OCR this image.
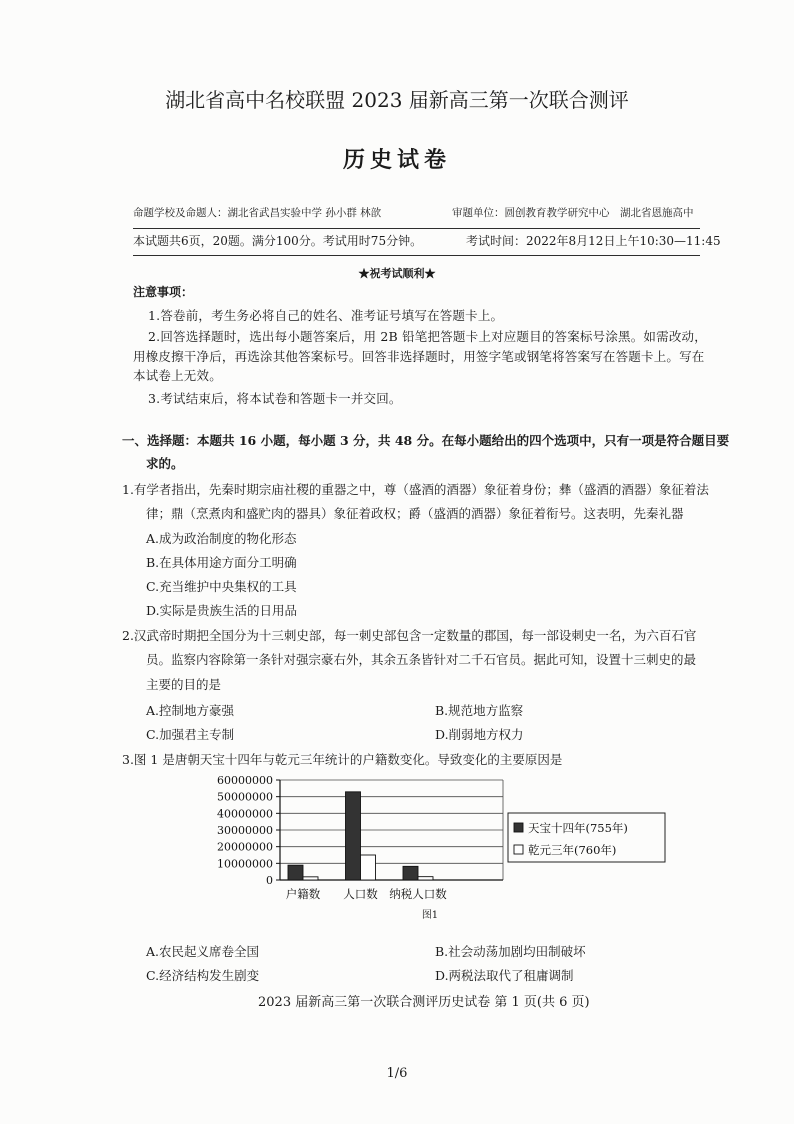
湖北省高中名校联盟 2023 届新高三第一次联合测评
历史试卷
命题学校及命题人：湖北省武昌实验中学 孙小群 林歆	审题单位：圆创教育教学研究中心 湖北省恩施高中
本试题共6页，20题。满分100分。考试用时75分钟。	考试时间：2022年8月12日上午10:30—11:45
★祝考试顺利★
注意事项：
1.答卷前，考生务必将自己的姓名、准考证号填写在答题卡上。
2.回答选择题时，选出每小题答案后，用 2B 铅笔把答题卡上对应题目的答案标号涂黑。如需改动，
用橡皮擦干净后，再选涂其他答案标号。回答非选择题时，用签字笔或钢笔将答案写在答题卡上。写在
本试卷上无效。
3.考试结束后，将本试卷和答题卡一并交回。
一、选择题：本题共 16 小题，每小题 3 分，共 48 分。在每小题给出的四个选项中，只有一项是符合题目要
求的。
1.有学者指出，先秦时期宗庙社稷的重器之中，尊（盛酒的酒器）象征着身份；彝（盛酒的酒器）象征着法
律；鼎（烹煮肉和盛贮肉的器具）象征着政权；爵（盛酒的酒器）象征着衔号。这表明，先秦礼器
A.成为政治制度的物化形态
B.在具体用途方面分工明确
C.充当维护中央集权的工具
D.实际是贵族生活的日用品
2.汉武帝时期把全国分为十三刺史部，每一刺史部包含一定数量的郡国，每一部设刺史一名，为六百石官
员。监察内容除第一条针对强宗豪右外，其余五条皆针对二千石官员。据此可知，设置十三刺史的最
主要的目的是
A.控制地方豪强	B.规范地方监察
C.加强君主专制	D.削弱地方权力
3.图 1 是唐朝天宝十四年与乾元三年统计的户籍数变化。导致变化的主要原因是
0
10000000
20000000
30000000
40000000
50000000
60000000
户籍数 人口数 纳税人口数
天宝十四年(755年)
乾元三年(760年)
图1
A.农民起义席卷全国	B.社会动荡加剧均田制破坏
C.经济结构发生剧变	D.两税法取代了租庸调制
2023 届新高三第一次联合测评历史试卷 第 1 页(共 6 页)
1/6
